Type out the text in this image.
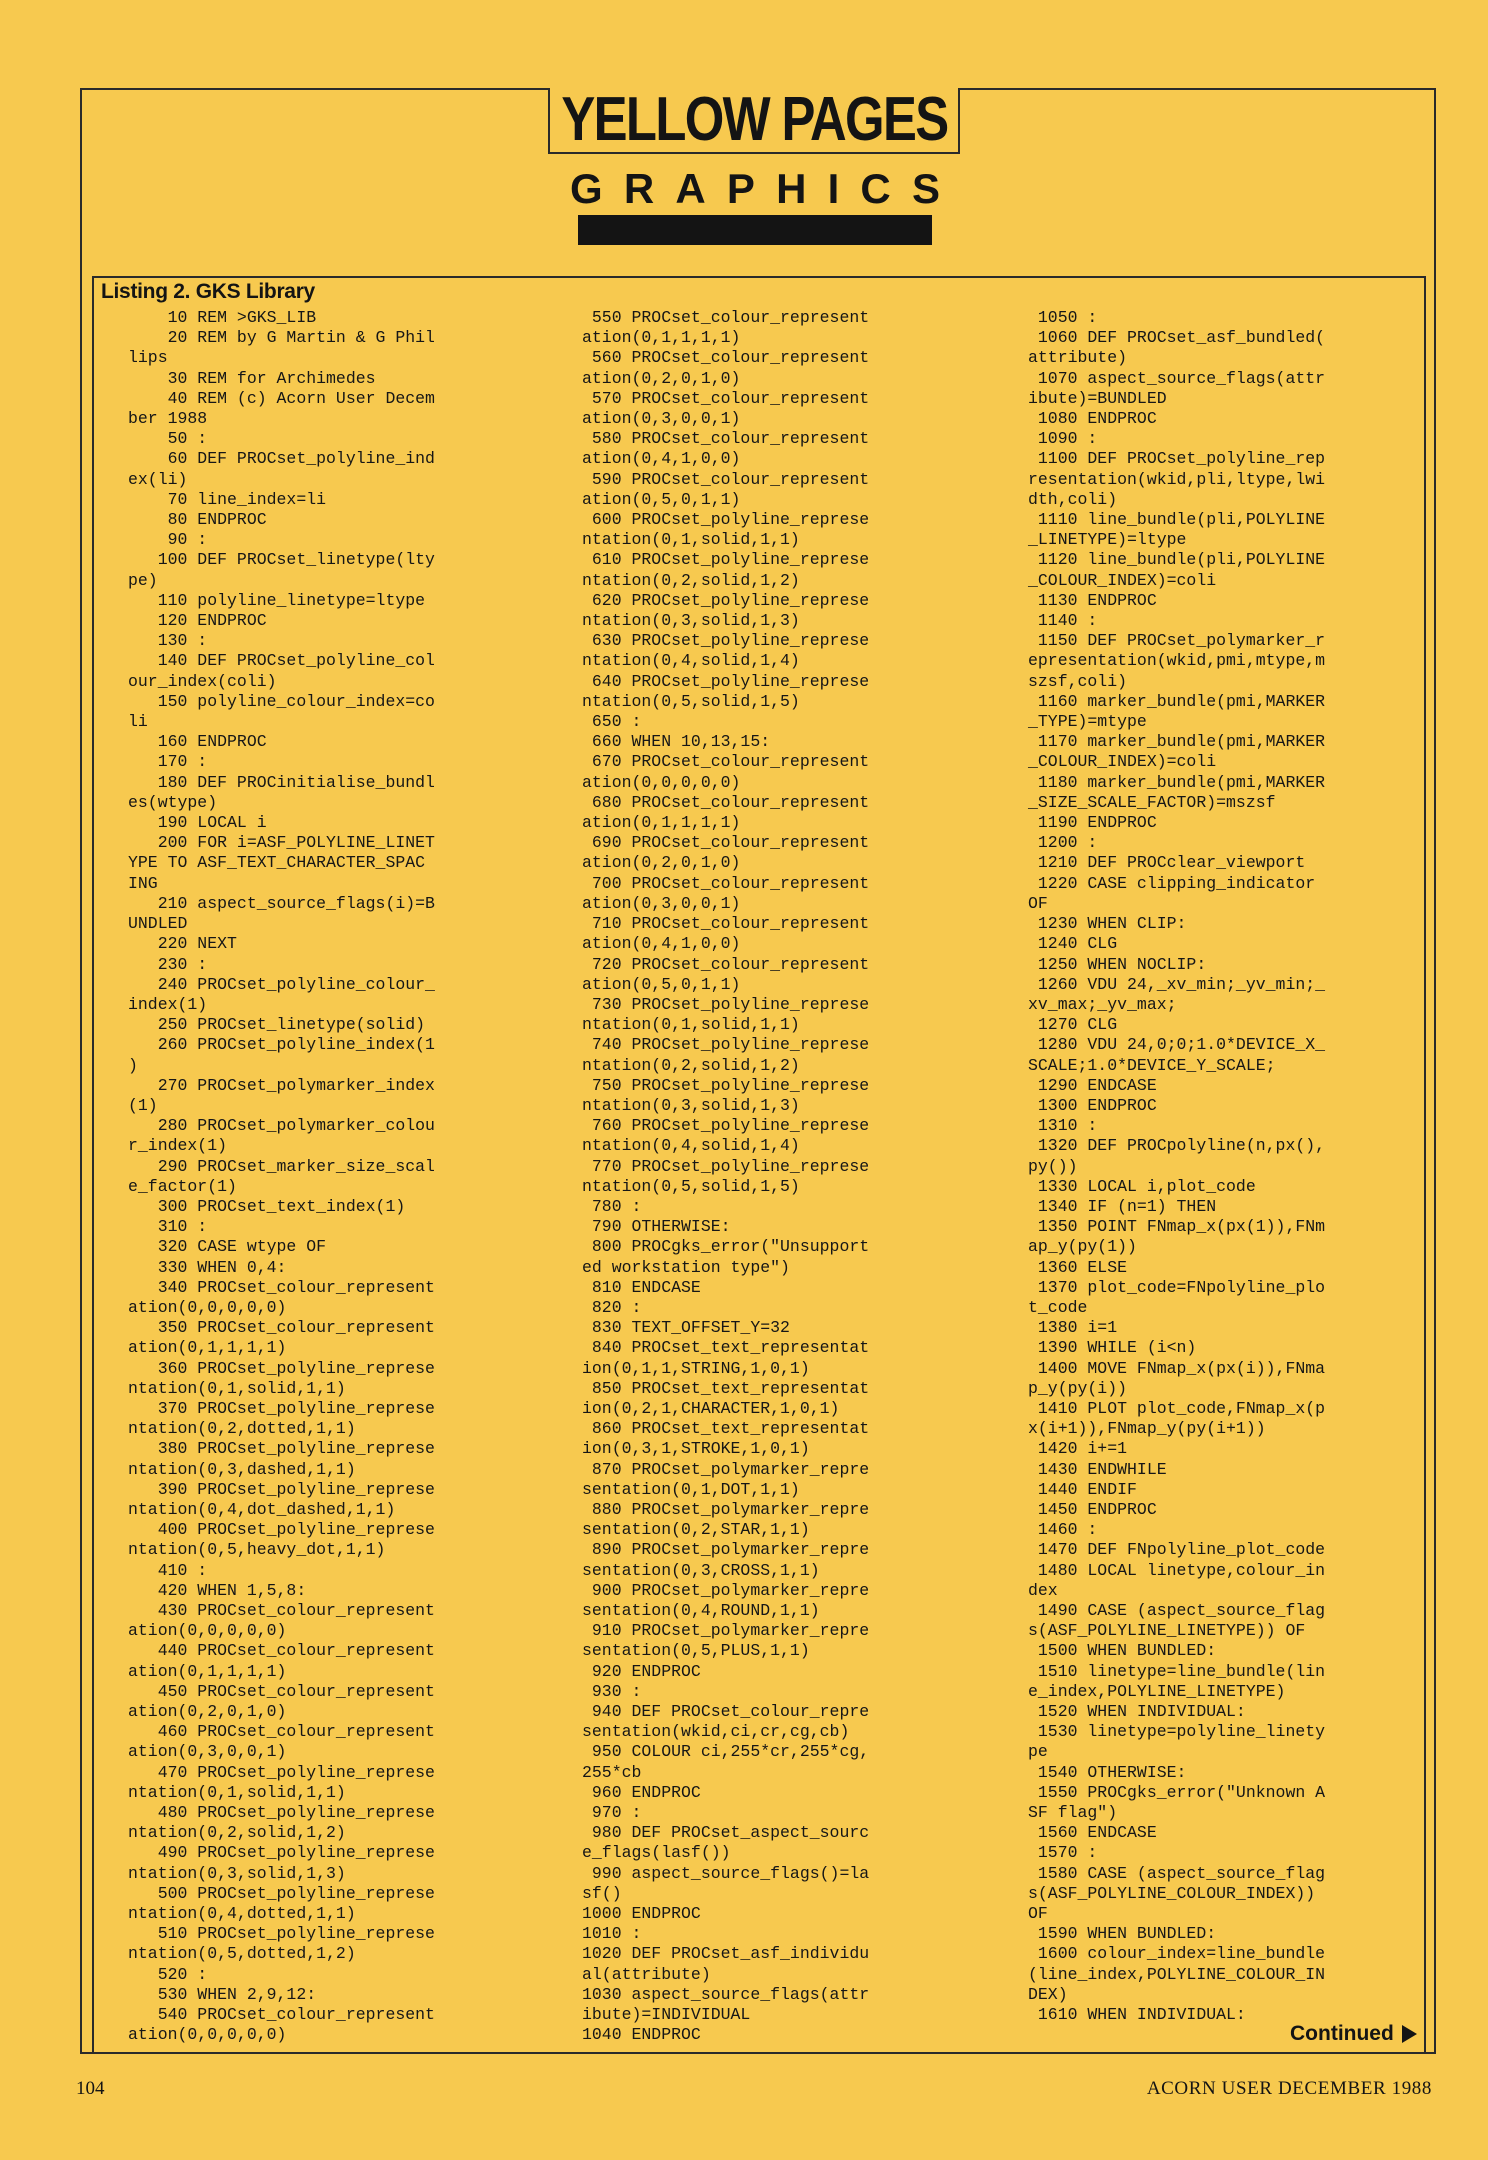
YELLOW PAGES
G R A P H I C S
Listing 2. GKS Library
10 REM >GKS_LIB
20 REM by G Martin & G Phil
lips
30 REM for Archimedes
40 REM (c) Acorn User Decem
ber 1988
50 :
60 DEF PROCset_polyline_ind
ex(li)
70 line_index=li
80 ENDPROC
90 :
100 DEF PROCset_linetype(lty
pe)
110 polyline_linetype=ltype
120 ENDPROC
130 :
140 DEF PROCset_polyline_col
our_index(coli)
150 polyline_colour_index=co
li
160 ENDPROC
170 :
180 DEF PROCinitialise_bundl
es(wtype)
190 LOCAL i
200 FOR i=ASF_POLYLINE_LINET
YPE TO ASF_TEXT_CHARACTER_SPAC
ING
210 aspect_source_flags(i)=B
UNDLED
220 NEXT
230 :
240 PROCset_polyline_colour_
index(1)
250 PROCset_linetype(solid)
260 PROCset_polyline_index(1
)
270 PROCset_polymarker_index
(1)
280 PROCset_polymarker_colou
r_index(1)
290 PROCset_marker_size_scal
e_factor(1)
300 PROCset_text_index(1)
310 :
320 CASE wtype OF
330 WHEN 0,4:
340 PROCset_colour_represent
ation(0,0,0,0,0)
350 PROCset_colour_represent
ation(0,1,1,1,1)
360 PROCset_polyline_represe
ntation(0,1,solid,1,1)
370 PROCset_polyline_represe
ntation(0,2,dotted,1,1)
380 PROCset_polyline_represe
ntation(0,3,dashed,1,1)
390 PROCset_polyline_represe
ntation(0,4,dot_dashed,1,1)
400 PROCset_polyline_represe
ntation(0,5,heavy_dot,1,1)
410 :
420 WHEN 1,5,8:
430 PROCset_colour_represent
ation(0,0,0,0,0)
440 PROCset_colour_represent
ation(0,1,1,1,1)
450 PROCset_colour_represent
ation(0,2,0,1,0)
460 PROCset_colour_represent
ation(0,3,0,0,1)
470 PROCset_polyline_represe
ntation(0,1,solid,1,1)
480 PROCset_polyline_represe
ntation(0,2,solid,1,2)
490 PROCset_polyline_represe
ntation(0,3,solid,1,3)
500 PROCset_polyline_represe
ntation(0,4,dotted,1,1)
510 PROCset_polyline_represe
ntation(0,5,dotted,1,2)
520 :
530 WHEN 2,9,12:
540 PROCset_colour_represent
ation(0,0,0,0,0)
550 PROCset_colour_represent
ation(0,1,1,1,1)
560 PROCset_colour_represent
ation(0,2,0,1,0)
570 PROCset_colour_represent
ation(0,3,0,0,1)
580 PROCset_colour_represent
ation(0,4,1,0,0)
590 PROCset_colour_represent
ation(0,5,0,1,1)
600 PROCset_polyline_represe
ntation(0,1,solid,1,1)
610 PROCset_polyline_represe
ntation(0,2,solid,1,2)
620 PROCset_polyline_represe
ntation(0,3,solid,1,3)
630 PROCset_polyline_represe
ntation(0,4,solid,1,4)
640 PROCset_polyline_represe
ntation(0,5,solid,1,5)
650 :
660 WHEN 10,13,15:
670 PROCset_colour_represent
ation(0,0,0,0,0)
680 PROCset_colour_represent
ation(0,1,1,1,1)
690 PROCset_colour_represent
ation(0,2,0,1,0)
700 PROCset_colour_represent
ation(0,3,0,0,1)
710 PROCset_colour_represent
ation(0,4,1,0,0)
720 PROCset_colour_represent
ation(0,5,0,1,1)
730 PROCset_polyline_represe
ntation(0,1,solid,1,1)
740 PROCset_polyline_represe
ntation(0,2,solid,1,2)
750 PROCset_polyline_represe
ntation(0,3,solid,1,3)
760 PROCset_polyline_represe
ntation(0,4,solid,1,4)
770 PROCset_polyline_represe
ntation(0,5,solid,1,5)
780 :
790 OTHERWISE:
800 PROCgks_error("Unsupport
ed workstation type")
810 ENDCASE
820 :
830 TEXT_OFFSET_Y=32
840 PROCset_text_representat
ion(0,1,1,STRING,1,0,1)
850 PROCset_text_representat
ion(0,2,1,CHARACTER,1,0,1)
860 PROCset_text_representat
ion(0,3,1,STROKE,1,0,1)
870 PROCset_polymarker_repre
sentation(0,1,DOT,1,1)
880 PROCset_polymarker_repre
sentation(0,2,STAR,1,1)
890 PROCset_polymarker_repre
sentation(0,3,CROSS,1,1)
900 PROCset_polymarker_repre
sentation(0,4,ROUND,1,1)
910 PROCset_polymarker_repre
sentation(0,5,PLUS,1,1)
920 ENDPROC
930 :
940 DEF PROCset_colour_repre
sentation(wkid,ci,cr,cg,cb)
950 COLOUR ci,255*cr,255*cg,
255*cb
960 ENDPROC
970 :
980 DEF PROCset_aspect_sourc
e_flags(lasf())
990 aspect_source_flags()=la
sf()
1000 ENDPROC
1010 :
1020 DEF PROCset_asf_individu
al(attribute)
1030 aspect_source_flags(attr
ibute)=INDIVIDUAL
1040 ENDPROC
1050 :
1060 DEF PROCset_asf_bundled(
attribute)
1070 aspect_source_flags(attr
ibute)=BUNDLED
1080 ENDPROC
1090 :
1100 DEF PROCset_polyline_rep
resentation(wkid,pli,ltype,lwi
dth,coli)
1110 line_bundle(pli,POLYLINE
_LINETYPE)=ltype
1120 line_bundle(pli,POLYLINE
_COLOUR_INDEX)=coli
1130 ENDPROC
1140 :
1150 DEF PROCset_polymarker_r
epresentation(wkid,pmi,mtype,m
szsf,coli)
1160 marker_bundle(pmi,MARKER
_TYPE)=mtype
1170 marker_bundle(pmi,MARKER
_COLOUR_INDEX)=coli
1180 marker_bundle(pmi,MARKER
_SIZE_SCALE_FACTOR)=mszsf
1190 ENDPROC
1200 :
1210 DEF PROCclear_viewport
1220 CASE clipping_indicator
OF
1230 WHEN CLIP:
1240 CLG
1250 WHEN NOCLIP:
1260 VDU 24,_xv_min;_yv_min;_
xv_max;_yv_max;
1270 CLG
1280 VDU 24,0;0;1.0*DEVICE_X_
SCALE;1.0*DEVICE_Y_SCALE;
1290 ENDCASE
1300 ENDPROC
1310 :
1320 DEF PROCpolyline(n,px(),
py())
1330 LOCAL i,plot_code
1340 IF (n=1) THEN
1350 POINT FNmap_x(px(1)),FNm
ap_y(py(1))
1360 ELSE
1370 plot_code=FNpolyline_plo
t_code
1380 i=1
1390 WHILE (i<n)
1400 MOVE FNmap_x(px(i)),FNma
p_y(py(i))
1410 PLOT plot_code,FNmap_x(p
x(i+1)),FNmap_y(py(i+1))
1420 i+=1
1430 ENDWHILE
1440 ENDIF
1450 ENDPROC
1460 :
1470 DEF FNpolyline_plot_code
1480 LOCAL linetype,colour_in
dex
1490 CASE (aspect_source_flag
s(ASF_POLYLINE_LINETYPE)) OF
1500 WHEN BUNDLED:
1510 linetype=line_bundle(lin
e_index,POLYLINE_LINETYPE)
1520 WHEN INDIVIDUAL:
1530 linetype=polyline_linety
pe
1540 OTHERWISE:
1550 PROCgks_error("Unknown A
SF flag")
1560 ENDCASE
1570 :
1580 CASE (aspect_source_flag
s(ASF_POLYLINE_COLOUR_INDEX))
OF
1590 WHEN BUNDLED:
1600 colour_index=line_bundle
(line_index,POLYLINE_COLOUR_IN
DEX)
1610 WHEN INDIVIDUAL:
Continued
104	ACORN USER DECEMBER 1988
